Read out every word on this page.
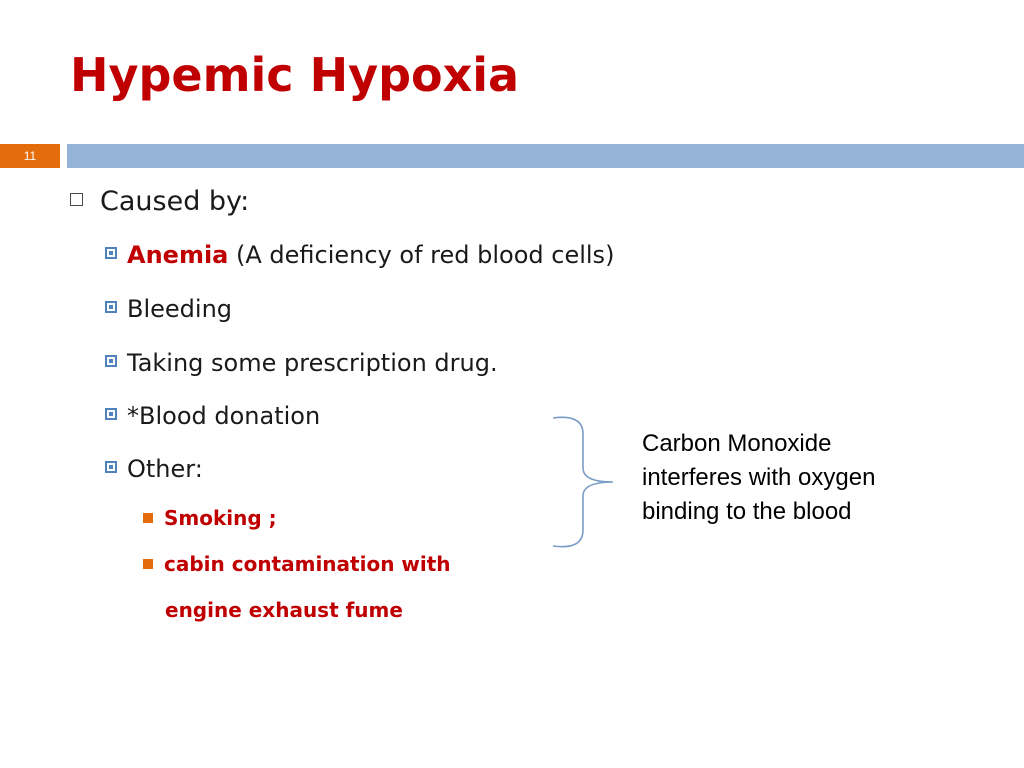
Hypemic Hypoxia
11
Caused by:
Anemia (A deficiency of red blood cells)
Bleeding
Taking some prescription drug.
*Blood donation
Other:
Smoking ;
cabin contamination with
engine exhaust fume
Carbon Monoxide
interferes with oxygen
binding to the blood
